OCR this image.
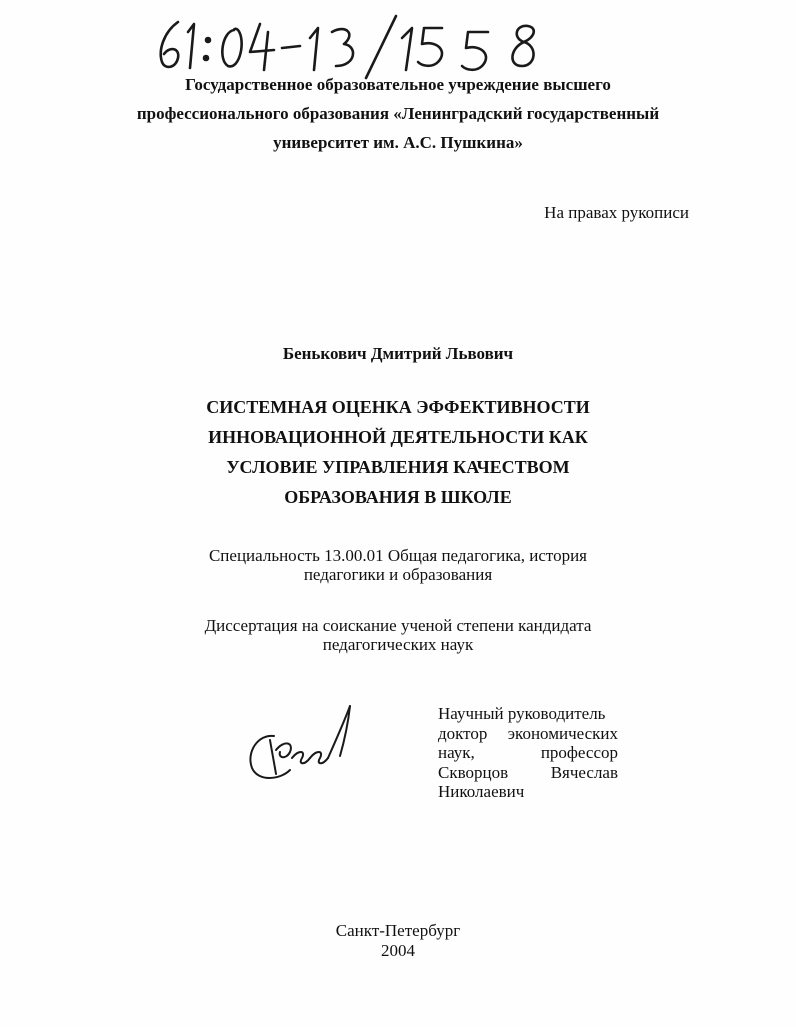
Государственное образовательное учреждение высшего
профессионального образования «Ленинградский государственный
университет им. А.С. Пушкина»
На правах рукописи
Бенькович Дмитрий Львович
СИСТЕМНАЯ ОЦЕНКА ЭФФЕКТИВНОСТИ
ИННОВАЦИОННОЙ ДЕЯТЕЛЬНОСТИ КАК
УСЛОВИЕ УПРАВЛЕНИЯ КАЧЕСТВОМ
ОБРАЗОВАНИЯ В ШКОЛЕ
Специальность 13.00.01 Общая педагогика, история
педагогики и образования
Диссертация на соискание ученой степени кандидата
педагогических наук
Научный руководитель
доктор экономических
наук,	профессор
Скворцов	Вячеслав
Николаевич
Санкт-Петербург
2004
